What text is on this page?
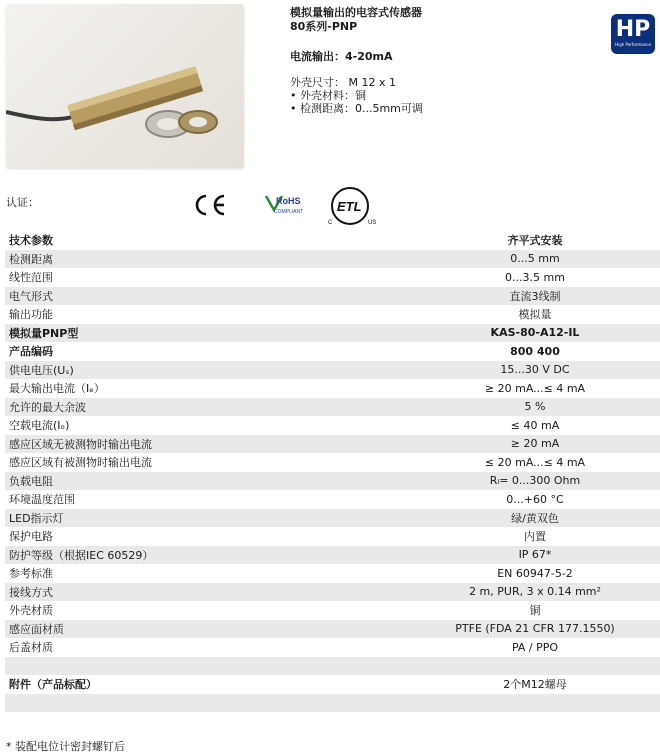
模拟量输出的电容式传感器
80系列-PNP
电流输出：4-20mA
外壳尺寸： M 12 x 1
• 外壳材料：铜
• 检测距离：0...5mm可调
HP
High Performance
认证：	RoHS
COMPLIANT	ETL
C	US
技术参数	齐平式安装
检测距离	0...5 mm
线性范围	0...3.5 mm
电气形式	直流3线制
输出功能	模拟量
模拟量PNP型	KAS-80-A12-IL
产品编码	800 400
供电电压(Uₛ)	15...30 V DC
最大输出电流（Iₑ）	≥ 20 mA...≤ 4 mA
允许的最大余波	5 %
空载电流(Iₒ)	≤ 40 mA
感应区域无被测物时输出电流	≥ 20 mA
感应区域有被测物时输出电流	≤ 20 mA...≤ 4 mA
负载电阻	Rₗ= 0...300 Ohm
环境温度范围	0...+60 °C
LED指示灯	绿/黄双色
保护电路	内置
防护等级（根据IEC 60529）	IP 67*
参考标准	EN 60947-5-2
接线方式	2 m, PUR, 3 x 0.14 mm²
外壳材质	铜
感应面材质	PTFE (FDA 21 CFR 177.1550)
后盖材质	PA / PPO

附件（产品标配）	2个M12螺母

* 装配电位计密封螺钉后
